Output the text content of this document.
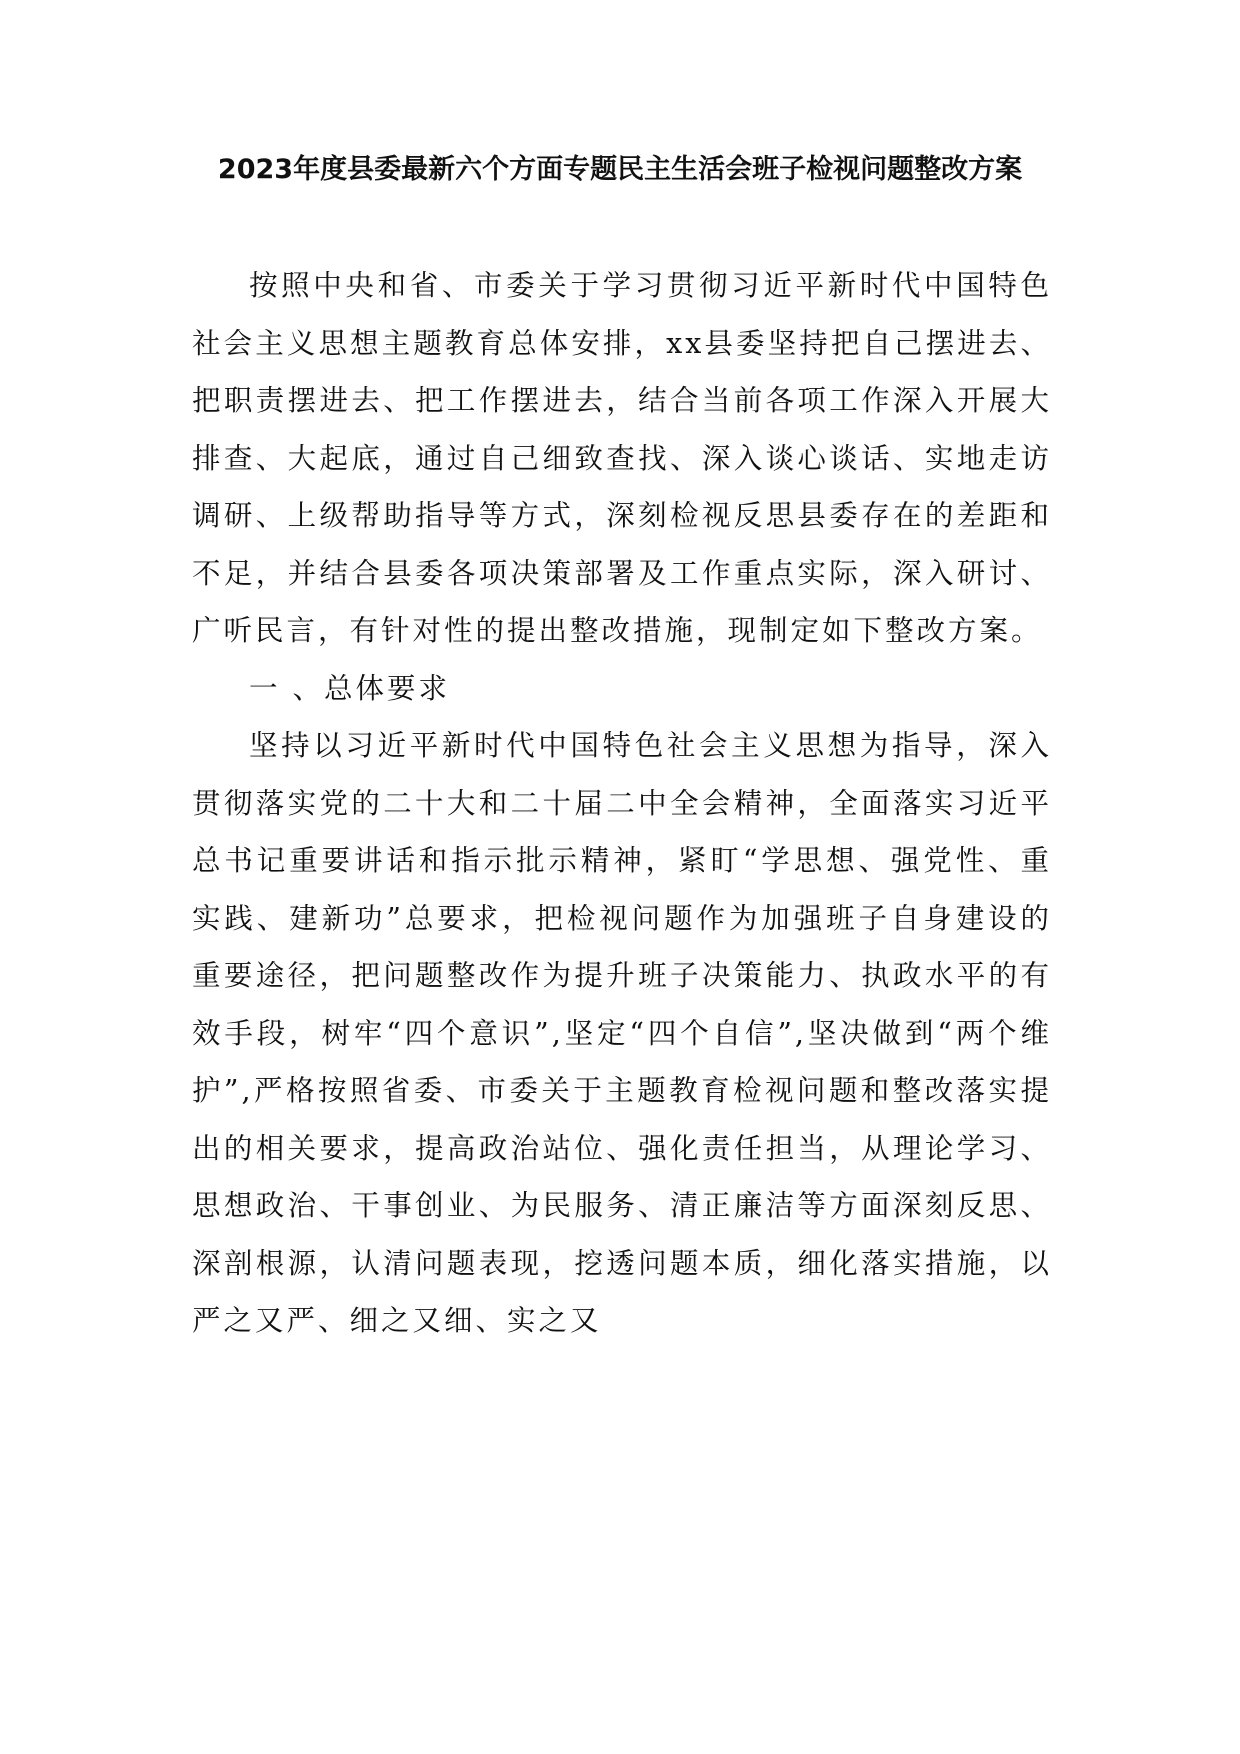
2023年度县委最新六个方面专题民主生活会班子检视问题整改方案

按照中央和省、市委关于学习贯彻习近平新时代中国特色社会主义思想主题教育总体安排，xx县委坚持把自己摆进去、把职责摆进去、把工作摆进去，结合当前各项工作深入开展大排查、大起底，通过自己细致查找、深入谈心谈话、实地走访调研、上级帮助指导等方式，深刻检视反思县委存在的差距和不足，并结合县委各项决策部署及工作重点实际，深入研讨、广听民言，有针对性的提出整改措施，现制定如下整改方案。

一 、总体要求

坚持以习近平新时代中国特色社会主义思想为指导，深入贯彻落实党的二十大和二十届二中全会精神，全面落实习近平总书记重要讲话和指示批示精神，紧盯“学思想、强党性、重实践、建新功”总要求，把检视问题作为加强班子自身建设的重要途径，把问题整改作为提升班子决策能力、执政水平的有效手段，树牢“四个意识”,坚定“四个自信”,坚决做到“两个维护”,严格按照省委、市委关于主题教育检视问题和整改落实提出的相关要求，提高政治站位、强化责任担当，从理论学习、思想政治、干事创业、为民服务、清正廉洁等方面深刻反思、深剖根源，认清问题表现，挖透问题本质，细化落实措施，以严之又严、细之又细、实之又
